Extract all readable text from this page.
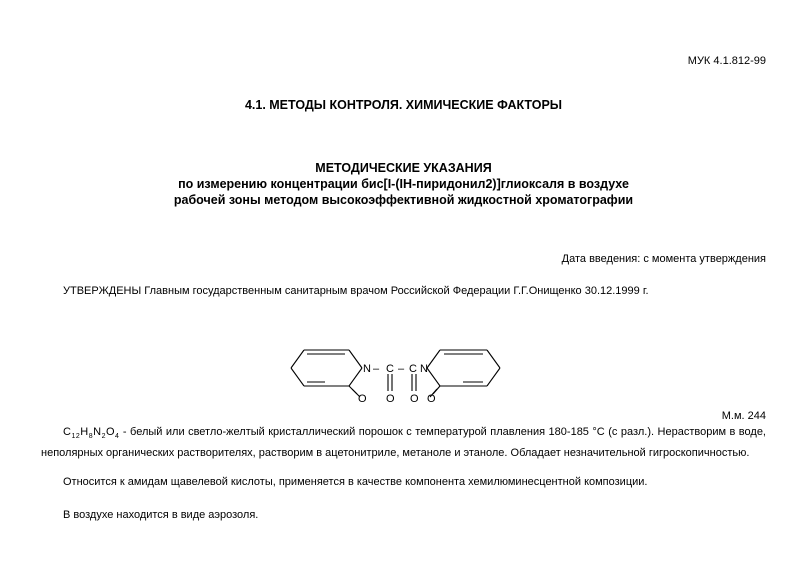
МУК 4.1.812-99
4.1. МЕТОДЫ КОНТРОЛЯ. ХИМИЧЕСКИЕ ФАКТОРЫ
МЕТОДИЧЕСКИЕ УКАЗАНИЯ
по измерению концентрации бис[I-(IH-пиридонил2)]глиоксаля в воздухе
рабочей зоны методом высокоэффективной жидкостной хроматографии
Дата введения: с момента утверждения
УТВЕРЖДЕНЫ Главным государственным санитарным врачом Российской Федерации Г.Г.Онищенко 30.12.1999 г.
N – C – C N
O O O O
М.м. 244
$C_{12}H_8N_2O_4$ - белый или светло-желтый кристаллический порошок с температурой плавления 180-185 °С (с разл.). Нерастворим в воде, неполярных органических растворителях, растворим в ацетонитриле, метаноле и этаноле. Обладает незначительной гигроскопичностью.
Относится к амидам щавелевой кислоты, применяется в качестве компонента хемилюминесцентной композиции.
В воздухе находится в виде аэрозоля.
